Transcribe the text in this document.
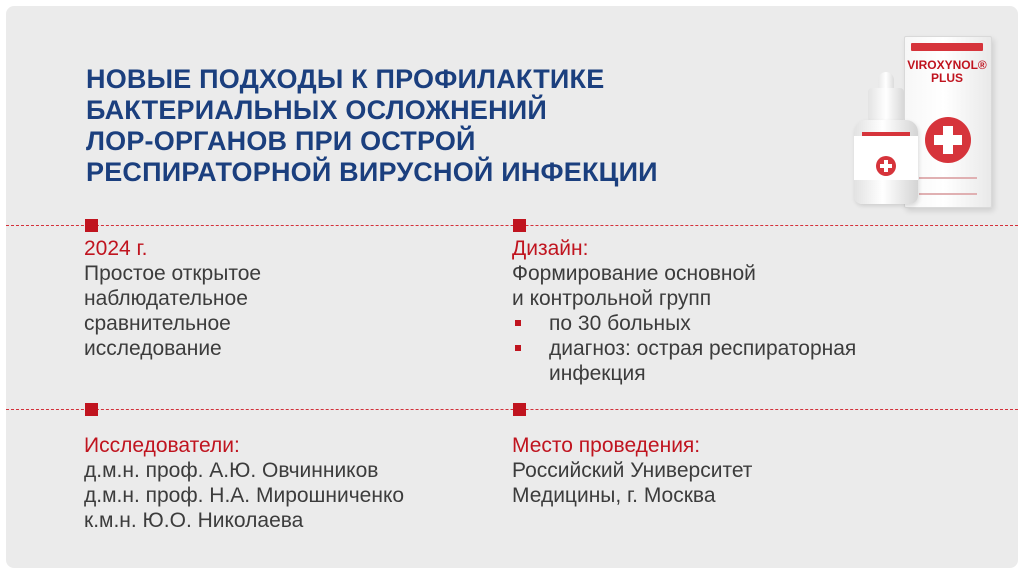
НОВЫЕ ПОДХОДЫ К ПРОФИЛАКТИКЕ
БАКТЕРИАЛЬНЫХ ОСЛОЖНЕНИЙ
ЛОР-ОРГАНОВ ПРИ ОСТРОЙ
РЕСПИРАТОРНОЙ ВИРУСНОЙ ИНФЕКЦИИ
VIROXYNOL® PLUS
2024 г.
Простое открытое
наблюдательное
сравнительное
исследование
Дизайн:
Формирование основной
и контрольной групп
по 30 больных
диагноз: острая респираторная
инфекция
Исследователи:
д.м.н. проф. А.Ю. Овчинников
д.м.н. проф. Н.А. Мирошниченко
к.м.н. Ю.О. Николаева
Место проведения:
Российский Университет
Медицины, г. Москва
